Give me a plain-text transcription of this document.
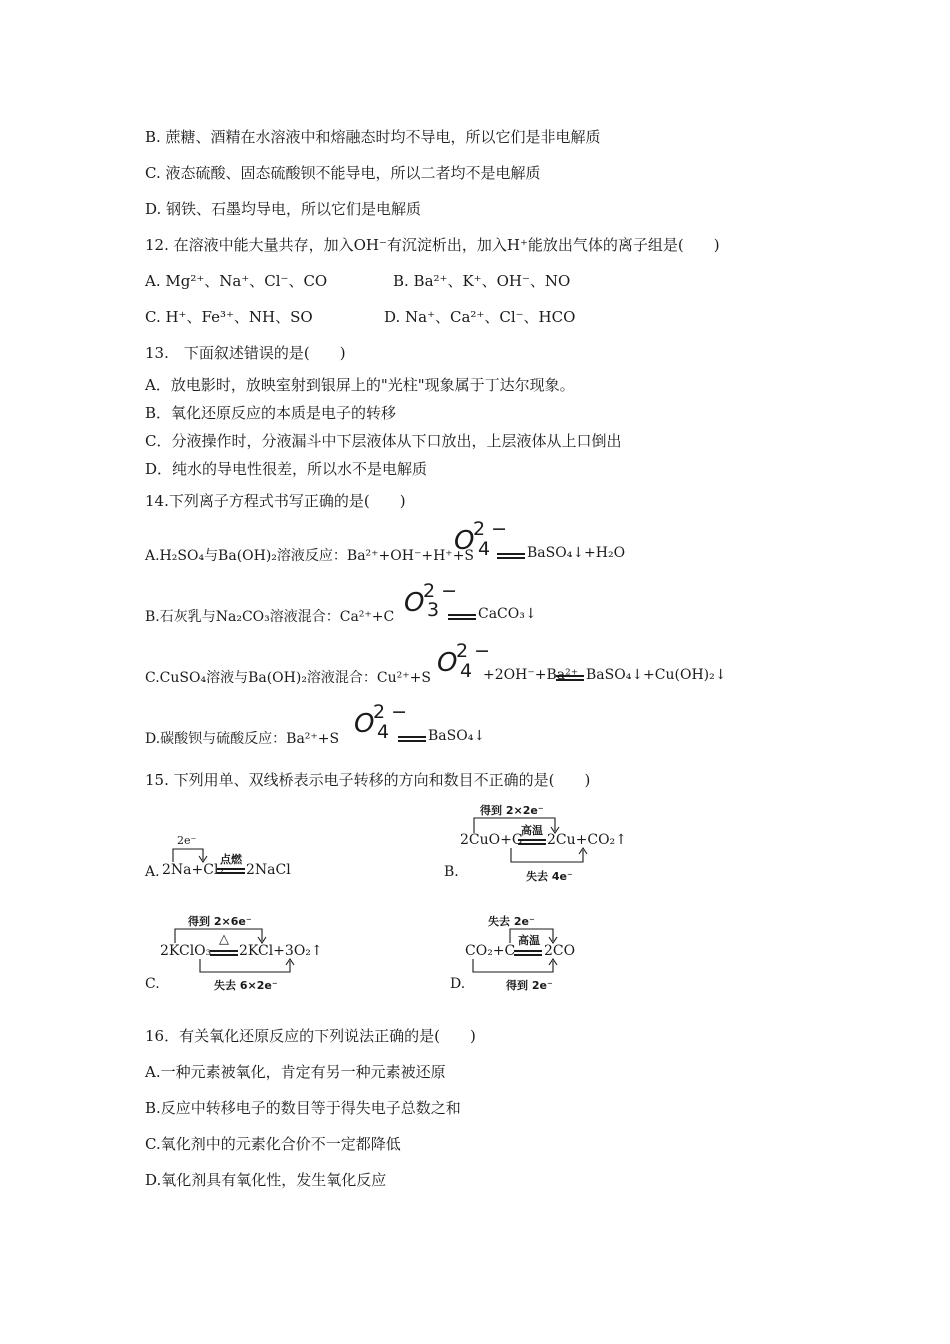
B. 蔗糖、酒精在水溶液中和熔融态时均不导电，所以它们是非电解质
C. 液态硫酸、固态硫酸钡不能导电，所以二者均不是电解质
D. 钢铁、石墨均导电，所以它们是电解质
12. 在溶液中能大量共存，加入OH⁻有沉淀析出，加入H⁺能放出气体的离子组是(　　)
A. Mg²⁺、Na⁺、Cl⁻、CO	B. Ba²⁺、K⁺、OH⁻、NO
C. H⁺、Fe³⁺、NH、SO	D. Na⁺、Ca²⁺、Cl⁻、HCO
13.　下面叙述错误的是(　　)
A．放电影时，放映室射到银屏上的"光柱"现象属于丁达尔现象。
B．氧化还原反应的本质是电子的转移
C．分液操作时，分液漏斗中下层液体从下口放出，上层液体从上口倒出
D．纯水的导电性很差，所以水不是电解质
14.下列离子方程式书写正确的是(　　)
A.H₂SO₄与Ba(OH)₂溶液反应：Ba²⁺+OH⁻+H⁺+S
O
2 −
4	BaSO₄↓+H₂O
B.石灰乳与Na₂CO₃溶液混合：Ca²⁺+C O
2 −
3	CaCO₃↓
C.CuSO₄溶液与Ba(OH)₂溶液混合：Cu²⁺+S O
2 −
4 +2OH⁻+Ba²⁺ BaSO₄↓+Cu(OH)₂↓
D.碳酸钡与硫酸反应：Ba²⁺+S O
2 −
4	BaSO₄↓
15. 下列用单、双线桥表示电子转移的方向和数目不正确的是(　　)
A.
2e⁻
2Na+Cl₂
点燃
2NaCl	B.
得到 2×2e⁻
失去 4e⁻
2CuO+C
高温
2Cu+CO₂↑
C.
得到 2×6e⁻
失去 6×2e⁻
2KClO₃
△
2KCl+3O₂↑
D.
失去 2e⁻
得到 2e⁻
CO₂+C
高温
2CO
16．有关氧化还原反应的下列说法正确的是(　　)
A.一种元素被氧化，肯定有另一种元素被还原
B.反应中转移电子的数目等于得失电子总数之和
C.氧化剂中的元素化合价不一定都降低
D.氧化剂具有氧化性，发生氧化反应
